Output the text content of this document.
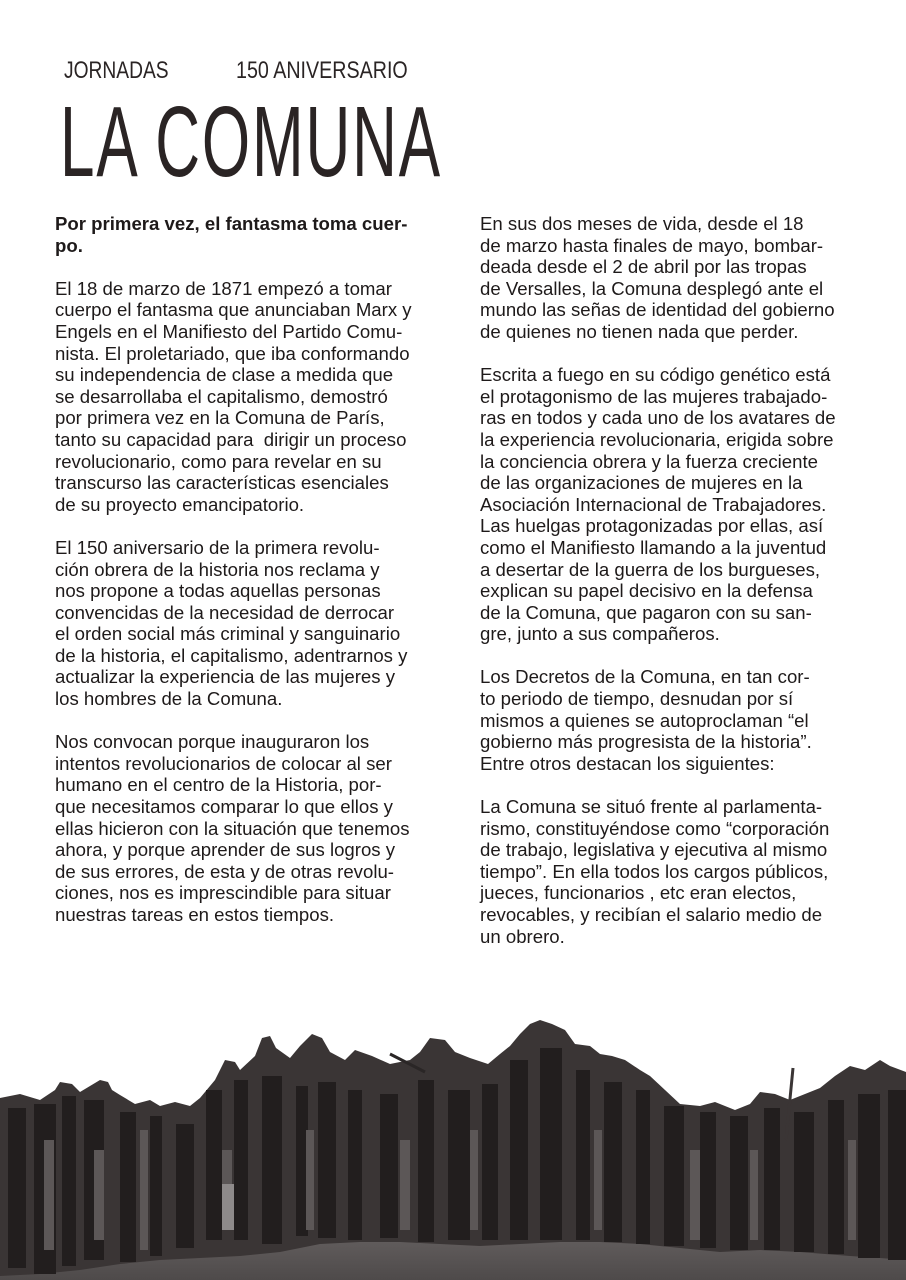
JORNADAS	150 ANIVERSARIO
LA COMUNA

Por primera vez, el fantasma toma cuer-
po.

El 18 de marzo de 1871 empezó a tomar
cuerpo el fantasma que anunciaban Marx y
Engels en el Manifiesto del Partido Comu-
nista. El proletariado, que iba conformando
su independencia de clase a medida que
se desarrollaba el capitalismo, demostró
por primera vez en la Comuna de París,
tanto su capacidad para  dirigir un proceso
revolucionario, como para revelar en su
transcurso las características esenciales
de su proyecto emancipatorio.

El 150 aniversario de la primera revolu-
ción obrera de la historia nos reclama y
nos propone a todas aquellas personas
convencidas de la necesidad de derrocar
el orden social más criminal y sanguinario
de la historia, el capitalismo, adentrarnos y
actualizar la experiencia de las mujeres y
los hombres de la Comuna.

Nos convocan porque inauguraron los
intentos revolucionarios de colocar al ser
humano en el centro de la Historia, por-
que necesitamos comparar lo que ellos y
ellas hicieron con la situación que tenemos
ahora, y porque aprender de sus logros y
de sus errores, de esta y de otras revolu-
ciones, nos es imprescindible para situar
nuestras tareas en estos tiempos.

En sus dos meses de vida, desde el 18
de marzo hasta finales de mayo, bombar-
deada desde el 2 de abril por las tropas
de Versalles, la Comuna desplegó ante el
mundo las señas de identidad del gobierno
de quienes no tienen nada que perder.

Escrita a fuego en su código genético está
el protagonismo de las mujeres trabajado-
ras en todos y cada uno de los avatares de
la experiencia revolucionaria, erigida sobre
la conciencia obrera y la fuerza creciente
de las organizaciones de mujeres en la
Asociación Internacional de Trabajadores.
Las huelgas protagonizadas por ellas, así
como el Manifiesto llamando a la juventud
a desertar de la guerra de los burgueses,
explican su papel decisivo en la defensa
de la Comuna, que pagaron con su san-
gre, junto a sus compañeros.

Los Decretos de la Comuna, en tan cor-
to periodo de tiempo, desnudan por sí
mismos a quienes se autoproclaman “el
gobierno más progresista de la historia”.
Entre otros destacan los siguientes:

La Comuna se situó frente al parlamenta-
rismo, constituyéndose como “corporación
de trabajo, legislativa y ejecutiva al mismo
tiempo”. En ella todos los cargos públicos,
jueces, funcionarios , etc eran electos,
revocables, y recibían el salario medio de
un obrero.
